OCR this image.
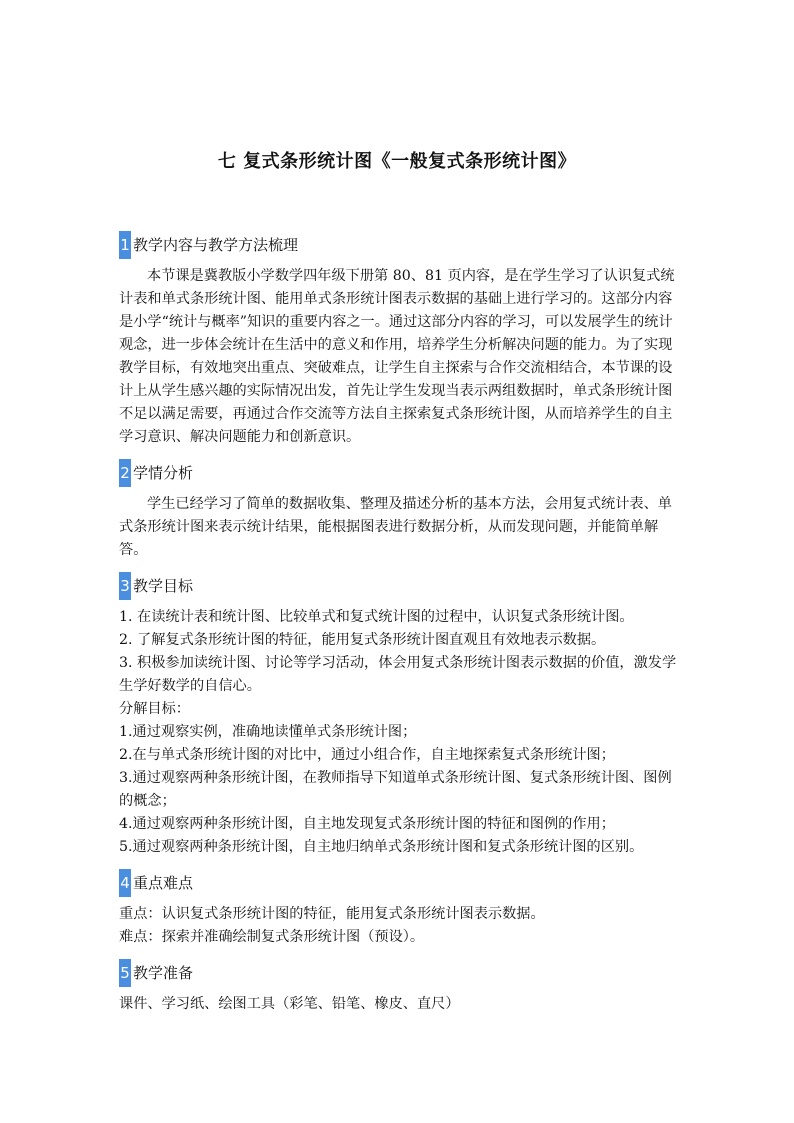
七 复式条形统计图《一般复式条形统计图》
1 教学内容与教学方法梳理

本节课是冀教版小学数学四年级下册第 80、81 页内容，是在学生学习了认识复式统计表和单式条形统计图、能用单式条形统计图表示数据的基础上进行学习的。这部分内容是小学“统计与概率”知识的重要内容之一。通过这部分内容的学习，可以发展学生的统计观念，进一步体会统计在生活中的意义和作用，培养学生分析解决问题的能力。为了实现教学目标，有效地突出重点、突破难点，让学生自主探索与合作交流相结合，本节课的设计上从学生感兴趣的实际情况出发，首先让学生发现当表示两组数据时，单式条形统计图不足以满足需要，再通过合作交流等方法自主探索复式条形统计图，从而培养学生的自主学习意识、解决问题能力和创新意识。

2 学情分析

学生已经学习了简单的数据收集、整理及描述分析的基本方法，会用复式统计表、单式条形统计图来表示统计结果，能根据图表进行数据分析，从而发现问题，并能简单解答。

3 教学目标

1. 在读统计表和统计图、比较单式和复式统计图的过程中，认识复式条形统计图。

2. 了解复式条形统计图的特征，能用复式条形统计图直观且有效地表示数据。

3. 积极参加读统计图、讨论等学习活动，体会用复式条形统计图表示数据的价值，激发学生学好数学的自信心。

分解目标：

1.通过观察实例，准确地读懂单式条形统计图；

2.在与单式条形统计图的对比中，通过小组合作，自主地探索复式条形统计图；

3.通过观察两种条形统计图，在教师指导下知道单式条形统计图、复式条形统计图、图例的概念；

4.通过观察两种条形统计图，自主地发现复式条形统计图的特征和图例的作用；

5.通过观察两种条形统计图，自主地归纳单式条形统计图和复式条形统计图的区别。

4 重点难点

重点：认识复式条形统计图的特征，能用复式条形统计图表示数据。

难点：探索并准确绘制复式条形统计图（预设）。

5 教学准备

课件、学习纸、绘图工具（彩笔、铅笔、橡皮、直尺）
